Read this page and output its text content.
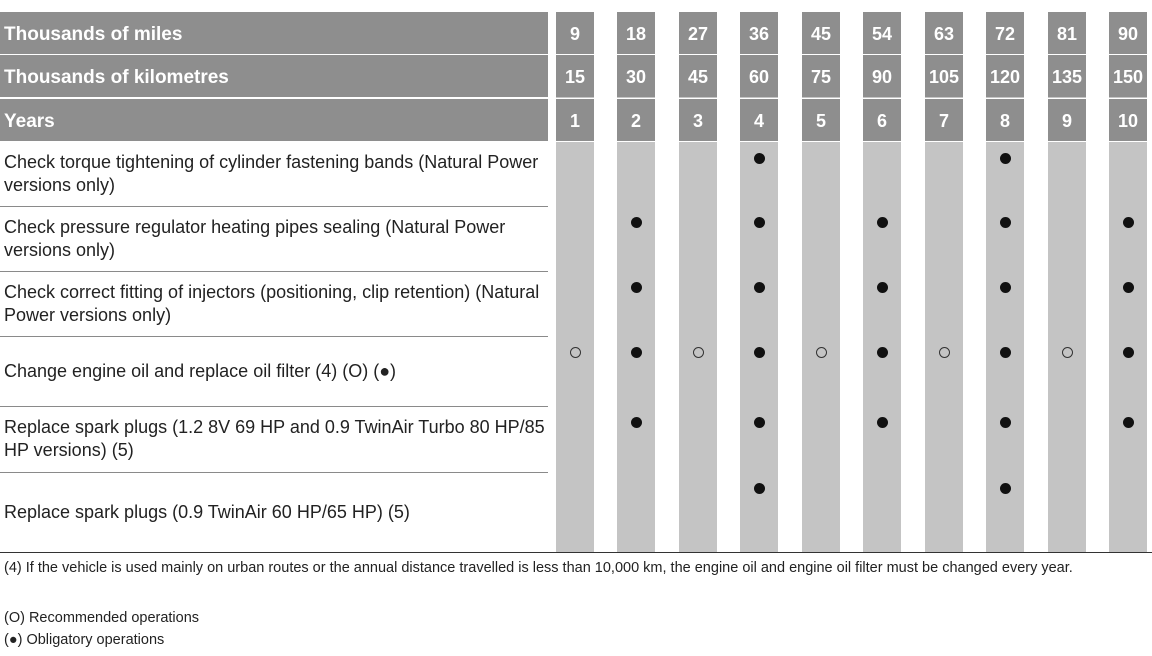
Thousands of miles
Thousands of kilometres
Years
9
15
1
18
30
2
27
45
3
36
60
4
45
75
5
54
90
6
63
105
7
72
120
8
81
135
9
90
150
10
Check torque tightening of cylinder fastening bands (Natural Power versions only)
Check pressure regulator heating pipes sealing (Natural Power versions only)
Check correct fitting of injectors (positioning, clip retention) (Natural Power versions only)
Change engine oil and replace oil filter (4) (O) (●)
Replace spark plugs (1.2 8V 69 HP and 0.9 TwinAir Turbo 80 HP/85 HP versions) (5)
Replace spark plugs (0.9 TwinAir 60 HP/65 HP) (5)
(4) If the vehicle is used mainly on urban routes or the annual distance travelled is less than 10,000 km, the engine oil and engine oil filter must be changed every year.
(O) Recommended operations
(●) Obligatory operations
